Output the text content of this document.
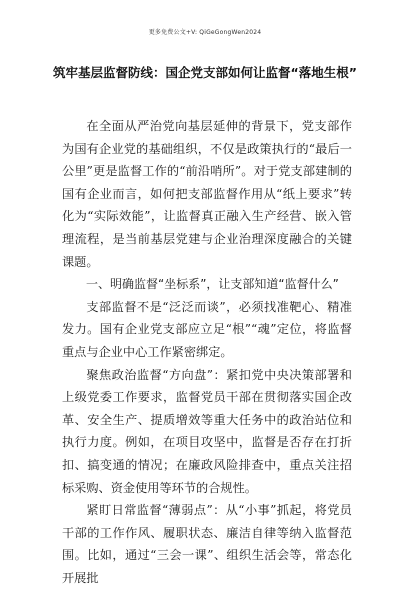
更多免费公文+V: QiGeGongWen2024
筑牢基层监督防线：国企党支部如何让监督“落地生根”

在全面从严治党向基层延伸的背景下，党支部作为国有企业党的基础组织，不仅是政策执行的“最后一公里”更是监督工作的“前沿哨所”。对于党支部建制的国有企业而言，如何把支部监督作用从“纸上要求”转化为“实际效能”，让监督真正融入生产经营、嵌入管理流程，是当前基层党建与企业治理深度融合的关键课题。

一、明确监督“坐标系”，让支部知道“监督什么”

支部监督不是“泛泛而谈”，必须找准靶心、精准发力。国有企业党支部应立足“根”“魂”定位，将监督重点与企业中心工作紧密绑定。

聚焦政治监督“方向盘”：紧扣党中央决策部署和上级党委工作要求，监督党员干部在贯彻落实国企改革、安全生产、提质增效等重大任务中的政治站位和执行力度。例如，在项目攻坚中，监督是否存在打折扣、搞变通的情况；在廉政风险排查中，重点关注招标采购、资金使用等环节的合规性。

紧盯日常监督“薄弱点”：从“小事”抓起，将党员干部的工作作风、履职状态、廉洁自律等纳入监督范围。比如，通过“三会一课”、组织生活会等，常态化开展批
